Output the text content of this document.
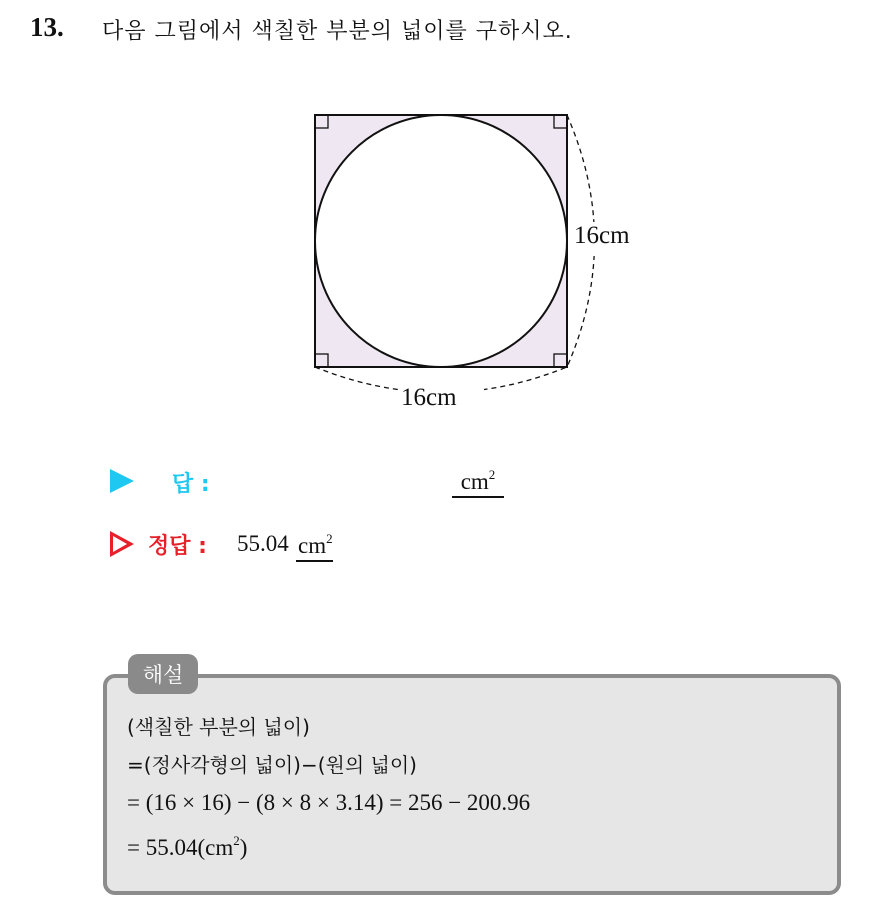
13. 다음 그림에서 색칠한 부분의 넓이를 구하시오.
16cm
16cm
답 :	$cm^2$
정답 : 55.04 $cm^2$
(색칠한 부분의 넓이)
=(정사각형의 넓이)−(원의 넓이)
= (16 × 16) − (8 × 8 × 3.14) = 256 − 200.96
= $55.04(cm^2)$
해설
